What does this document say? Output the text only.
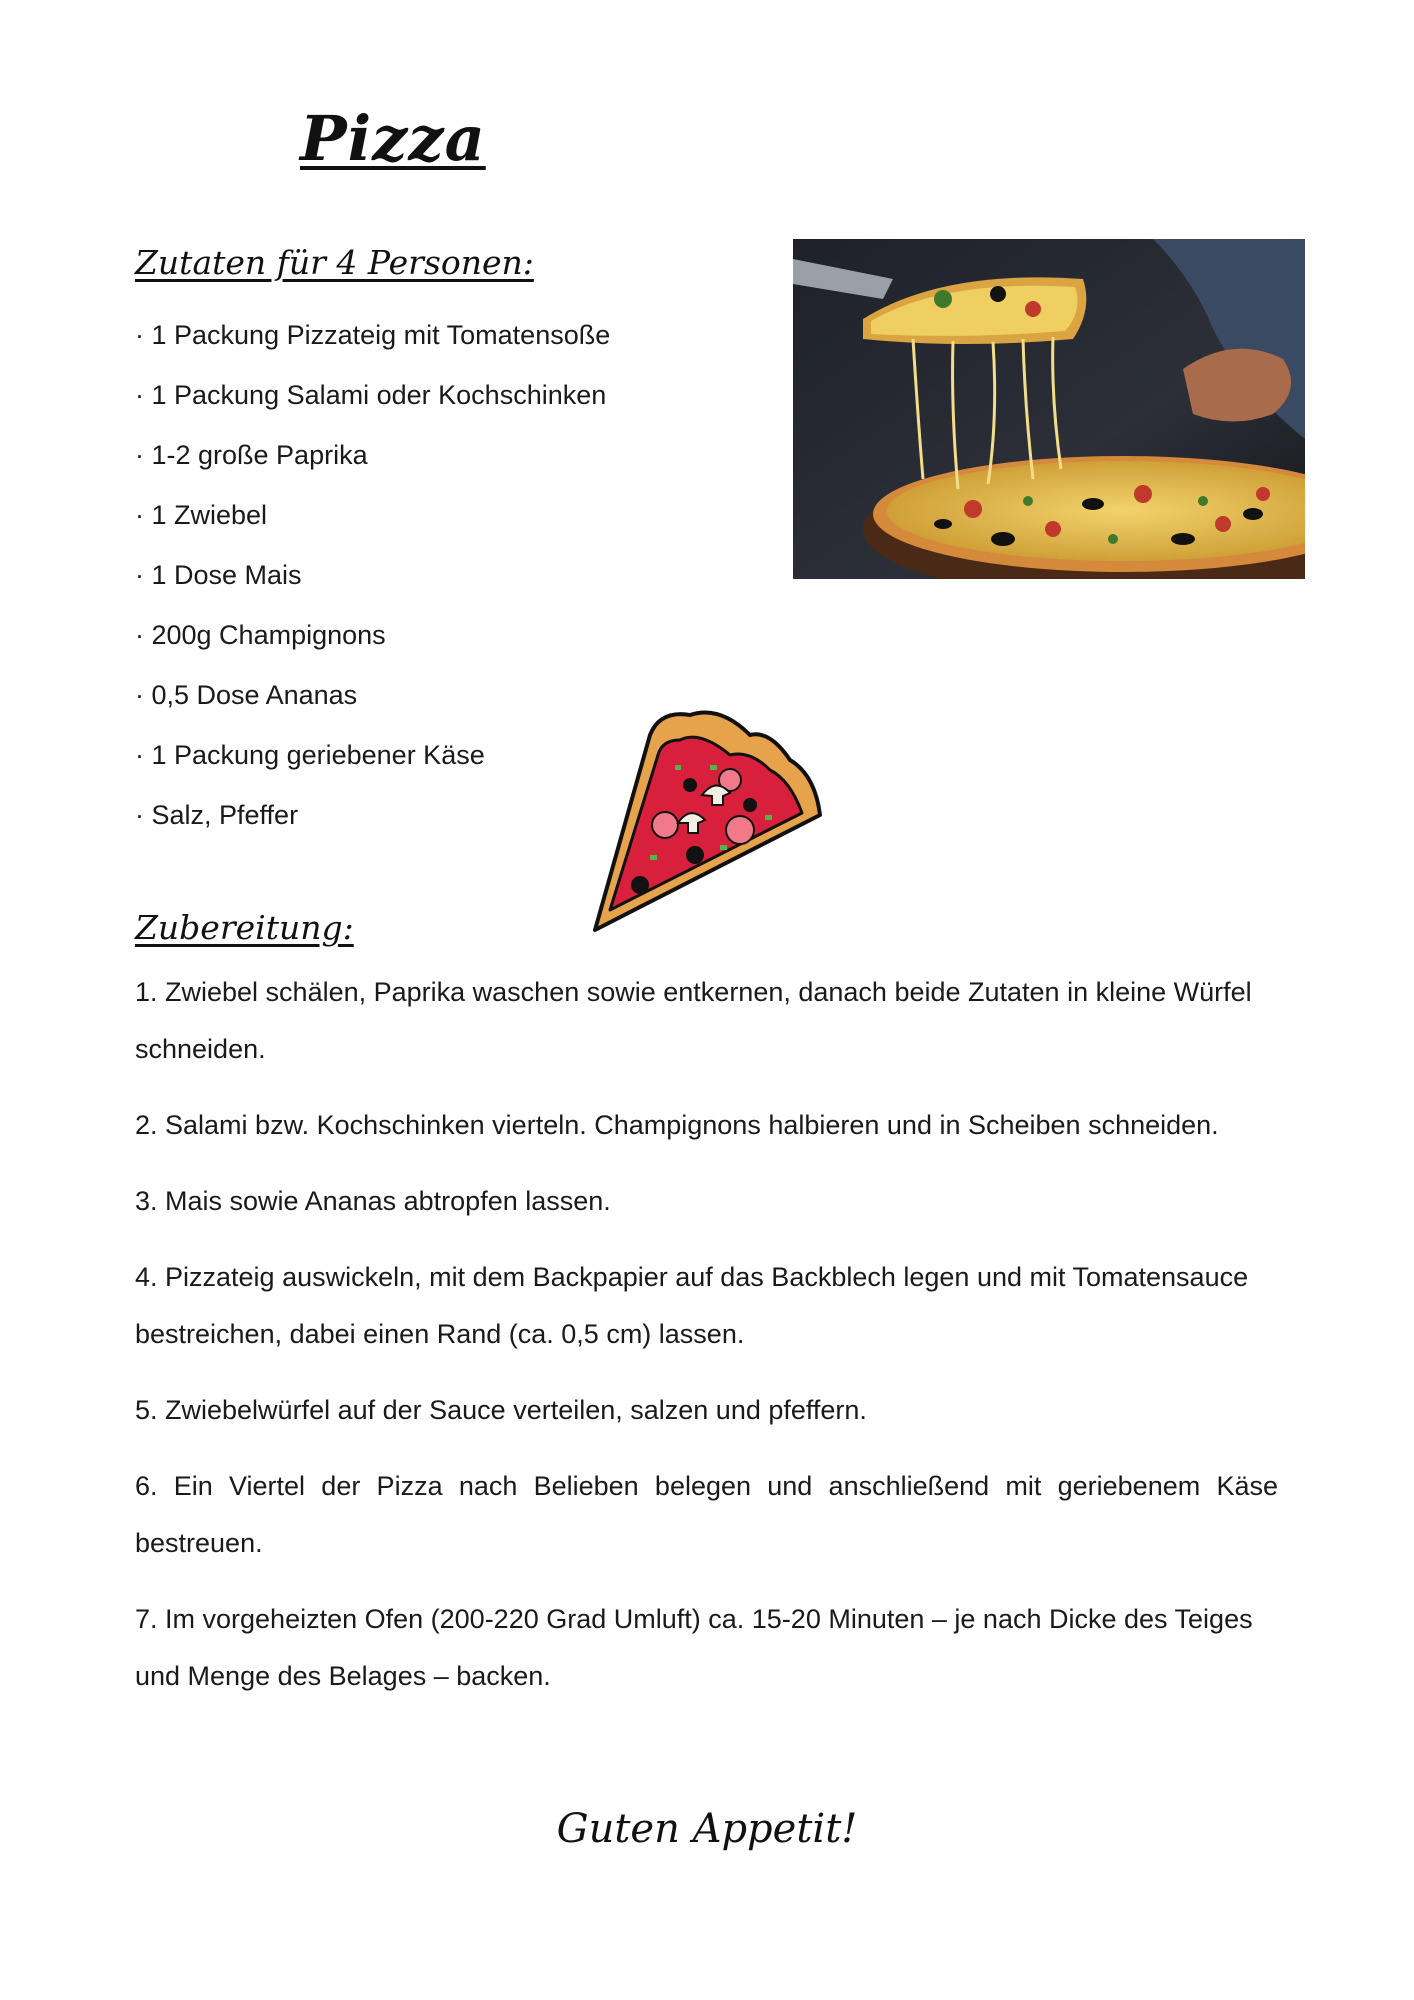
Pizza
Zutaten für 4 Personen:
· 1 Packung Pizzateig mit Tomatensoße
· 1 Packung Salami oder Kochschinken
· 1-2 große Paprika
· 1 Zwiebel
· 1 Dose Mais
· 200g Champignons
· 0,5 Dose Ananas
· 1 Packung geriebener Käse
· Salz, Pfeffer
Zubereitung:
1. Zwiebel schälen, Paprika waschen sowie entkernen, danach beide Zutaten in kleine Würfel schneiden.
2. Salami bzw. Kochschinken vierteln. Champignons halbieren und in Scheiben schneiden.
3. Mais sowie Ananas abtropfen lassen.
4. Pizzateig auswickeln, mit dem Backpapier auf das Backblech legen und mit Tomatensauce bestreichen, dabei einen Rand (ca. 0,5 cm) lassen.
5. Zwiebelwürfel auf der Sauce verteilen, salzen und pfeffern.
6. Ein Viertel der Pizza nach Belieben belegen und anschließend mit geriebenem Käse bestreuen.
7. Im vorgeheizten Ofen (200-220 Grad Umluft) ca. 15-20 Minuten – je nach Dicke des Teiges und Menge des Belages – backen.
Guten Appetit!
